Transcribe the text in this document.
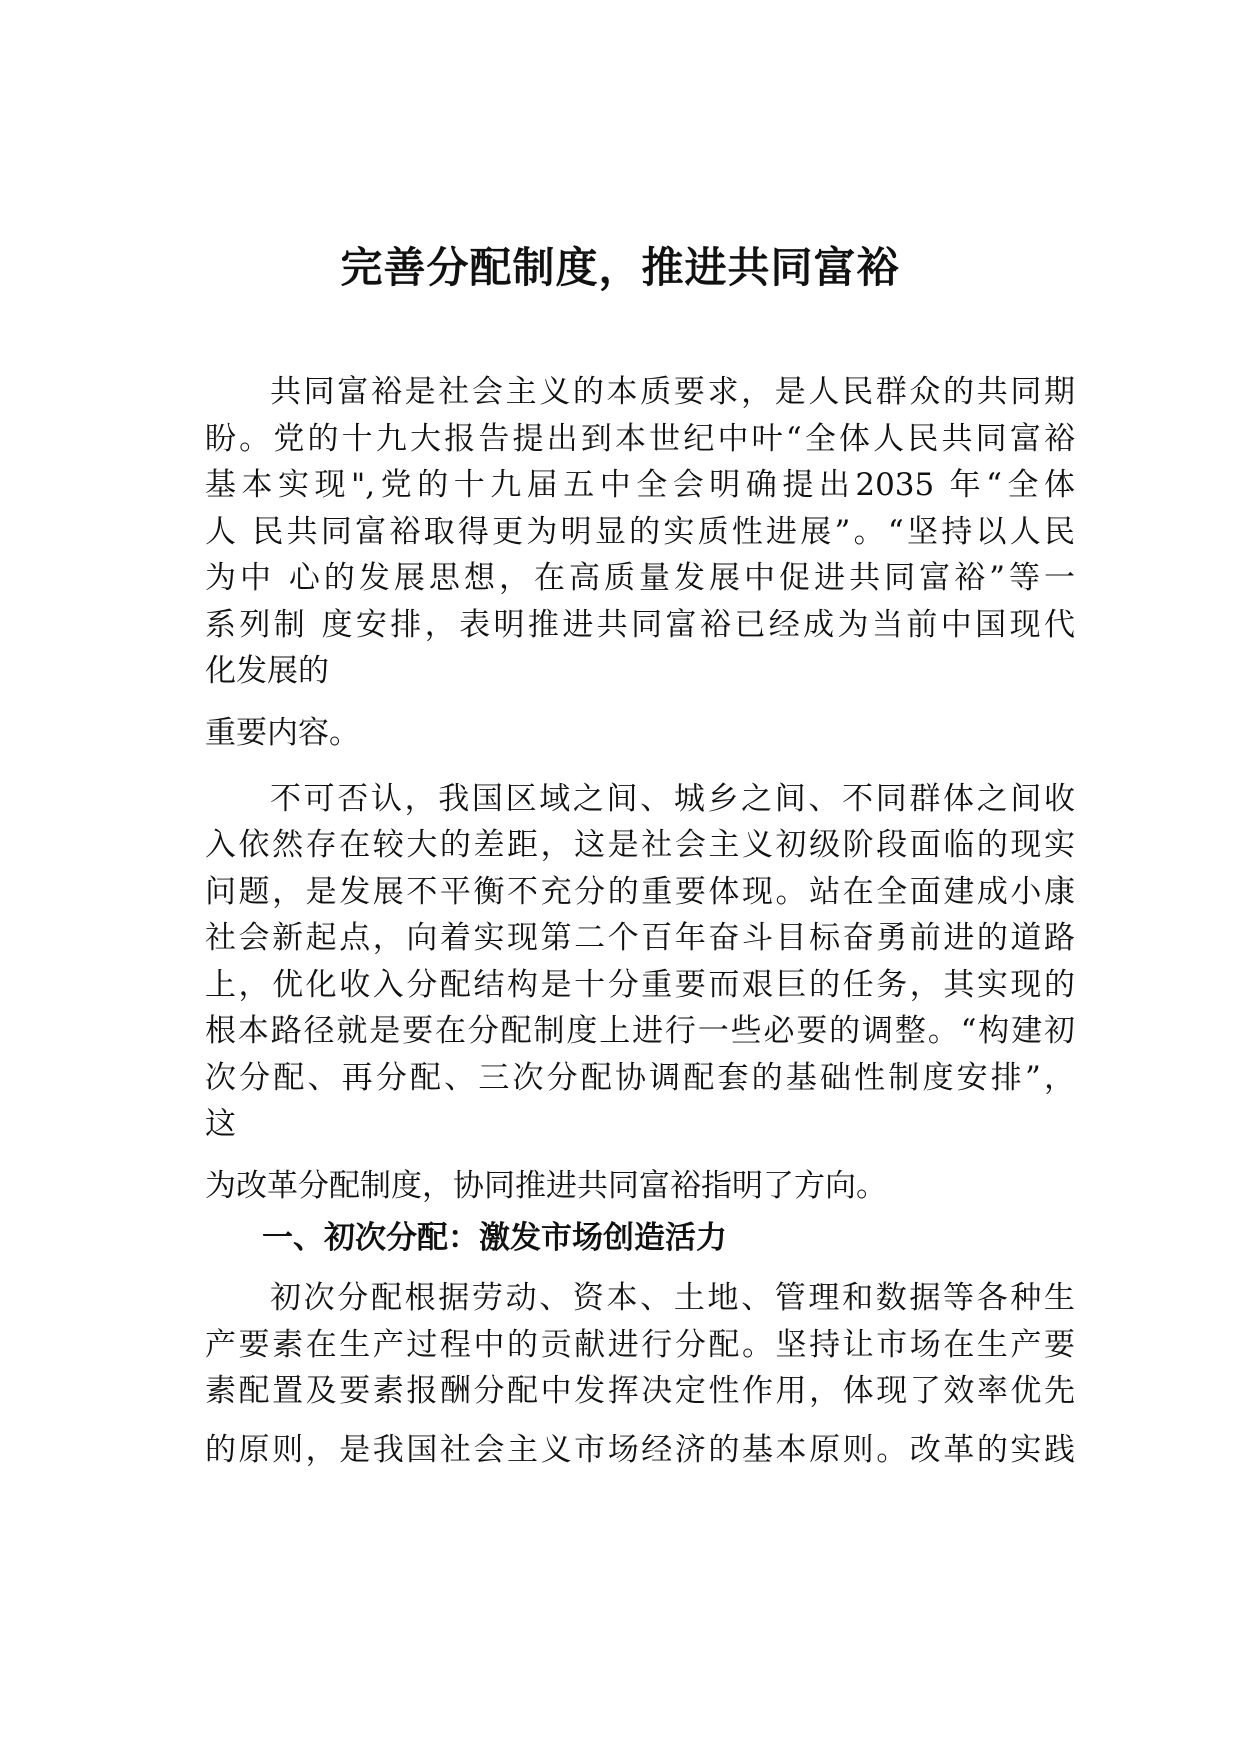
完善分配制度，推进共同富裕

共同富裕是社会主义的本质要求，是人民群众的共同期

盼。党的十九大报告提出到本世纪中叶“全体人民共同富裕

基本实现",党的十九届五中全会明确提出2035 年“全体

人 民共同富裕取得更为明显的实质性进展”。“坚持以人民

为中 心的发展思想，在高质量发展中促进共同富裕”等一

系列制 度安排，表明推进共同富裕已经成为当前中国现代

化发展的

重要内容。

不可否认，我国区域之间、城乡之间、不同群体之间收

入依然存在较大的差距，这是社会主义初级阶段面临的现实

问题，是发展不平衡不充分的重要体现。站在全面建成小康

社会新起点，向着实现第二个百年奋斗目标奋勇前进的道路

上，优化收入分配结构是十分重要而艰巨的任务，其实现的

根本路径就是要在分配制度上进行一些必要的调整。“构建初

次分配、再分配、三次分配协调配套的基础性制度安排”，

这

为改革分配制度，协同推进共同富裕指明了方向。

一、初次分配：激发市场创造活力

初次分配根据劳动、资本、土地、管理和数据等各种生

产要素在生产过程中的贡献进行分配。坚持让市场在生产要

素配置及要素报酬分配中发挥决定性作用，体现了效率优先

的原则，是我国社会主义市场经济的基本原则。改革的实践
